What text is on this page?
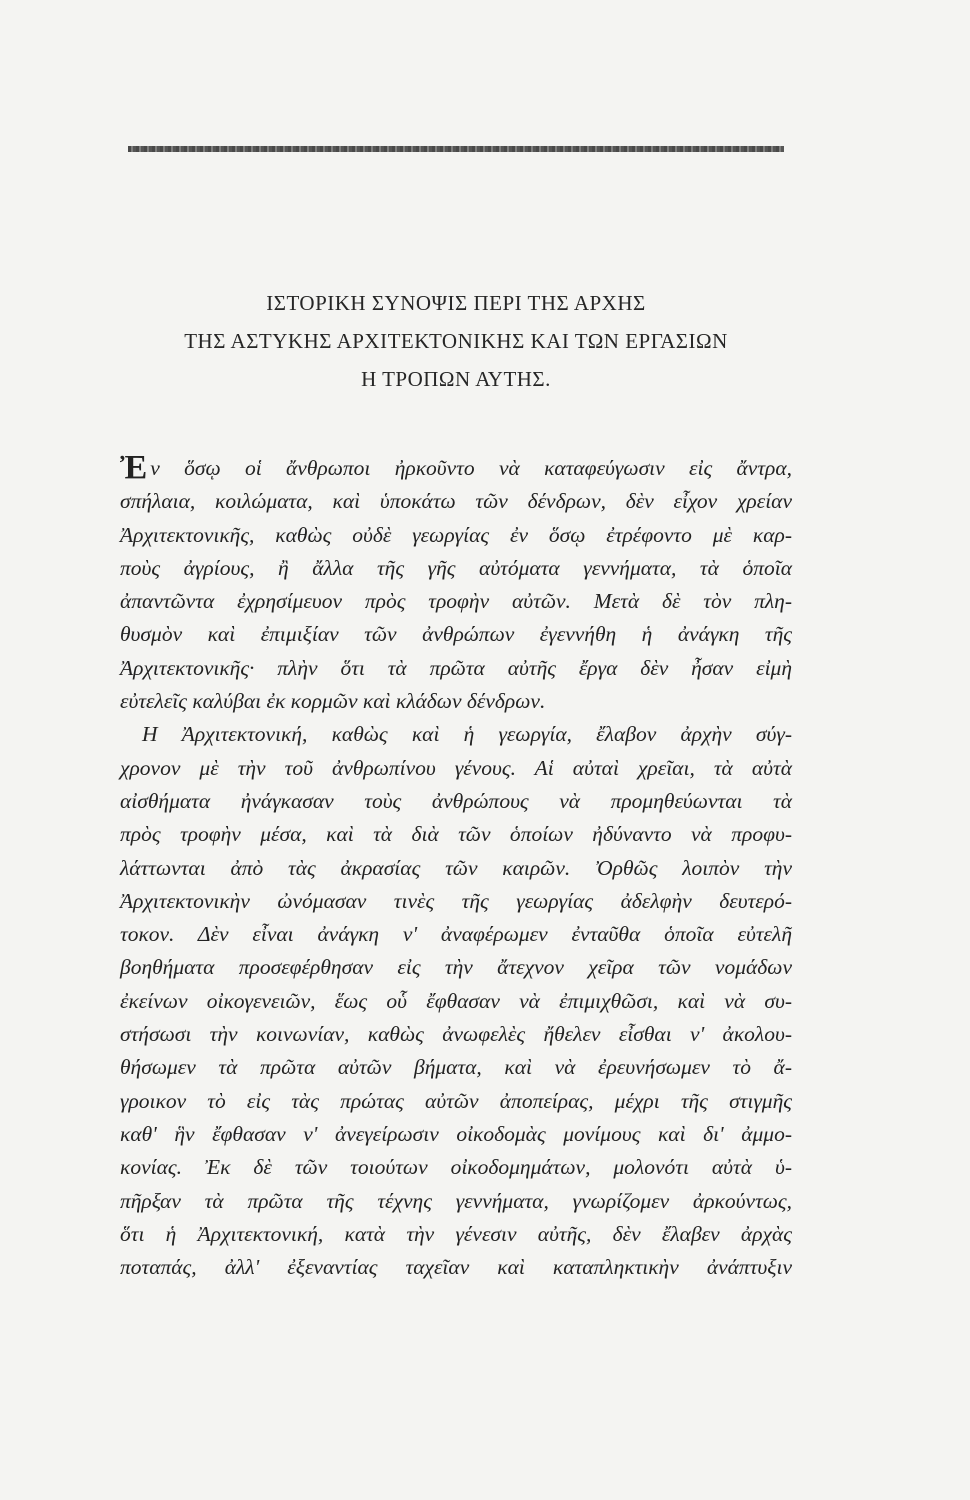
ΙΣΤΟΡΙΚΗ ΣΥΝΟΨΙΣ ΠΕΡΙ ΤΗΣ ΑΡΧΗΣ
ΤΗΣ ΑΣΤΥΚΗΣ ΑΡΧΙΤΕΚΤΟΝΙΚΗΣ ΚΑΙ ΤΩΝ ΕΡΓΑΣΙΩΝ
Η ΤΡΟΠΩΝ ΑΥΤΗΣ.
Ἐν ὅσῳ οἱ ἄνθρωποι ἠρκοῦντο νὰ καταφεύγωσιν εἰς ἄντρα,
σπήλαια, κοιλώματα, καὶ ὑποκάτω τῶν δένδρων, δὲν εἶχον χρείαν
Ἀρχιτεκτονικῆς, καθὼς οὐδὲ γεωργίας ἐν ὅσῳ ἐτρέφοντο μὲ καρ-
ποὺς ἀγρίους, ἢ ἄλλα τῆς γῆς αὐτόματα γεννήματα, τὰ ὁποῖα
ἀπαντῶντα ἐχρησίμευον πρὸς τροφὴν αὐτῶν. Μετὰ δὲ τὸν πλη-
θυσμὸν καὶ ἐπιμιξίαν τῶν ἀνθρώπων ἐγεννήθη ἡ ἀνάγκη τῆς
Ἀρχιτεκτονικῆς· πλὴν ὅτι τὰ πρῶτα αὐτῆς ἔργα δὲν ἦσαν εἰμὴ
εὐτελεῖς καλύβαι ἐκ κορμῶν καὶ κλάδων δένδρων.
Η Ἀρχιτεκτονική, καθὼς καὶ ἡ γεωργία, ἔλαβον ἀρχὴν σύγ-
χρονον μὲ τὴν τοῦ ἀνθρωπίνου γένους. Αἱ αὐταὶ χρεῖαι, τὰ αὐτὰ
αἰσθήματα ἠνάγκασαν τοὺς ἀνθρώπους νὰ προμηθεύωνται τὰ
πρὸς τροφὴν μέσα, καὶ τὰ διὰ τῶν ὁποίων ἠδύναντο νὰ προφυ-
λάττωνται ἀπὸ τὰς ἀκρασίας τῶν καιρῶν. Ὀρθῶς λοιπὸν τὴν
Ἀρχιτεκτονικὴν ὠνόμασαν τινὲς τῆς γεωργίας ἀδελφὴν δευτερό-
τοκον. Δὲν εἶναι ἀνάγκη ν' ἀναφέρωμεν ἐνταῦθα ὁποῖα εὐτελῆ
βοηθήματα προσεφέρθησαν εἰς τὴν ἄτεχνον χεῖρα τῶν νομάδων
ἐκείνων οἰκογενειῶν, ἕως οὗ ἔφθασαν νὰ ἐπιμιχθῶσι, καὶ νὰ συ-
στήσωσι τὴν κοινωνίαν, καθὼς ἀνωφελὲς ἤθελεν εἶσθαι ν' ἀκολου-
θήσωμεν τὰ πρῶτα αὐτῶν βήματα, καὶ νὰ ἐρευνήσωμεν τὸ ἄ-
γροικον τὸ εἰς τὰς πρώτας αὐτῶν ἀποπείρας, μέχρι τῆς στιγμῆς
καθ' ἣν ἔφθασαν ν' ἀνεγείρωσιν οἰκοδομὰς μονίμους καὶ δι' ἀμμο-
κονίας. Ἐκ δὲ τῶν τοιούτων οἰκοδομημάτων, μολονότι αὐτὰ ὑ-
πῆρξαν τὰ πρῶτα τῆς τέχνης γεννήματα, γνωρίζομεν ἀρκούντως,
ὅτι ἡ Ἀρχιτεκτονική, κατὰ τὴν γένεσιν αὐτῆς, δὲν ἔλαβεν ἀρχὰς
ποταπάς, ἀλλ' ἐξεναντίας ταχεῖαν καὶ καταπληκτικὴν ἀνάπτυξιν
